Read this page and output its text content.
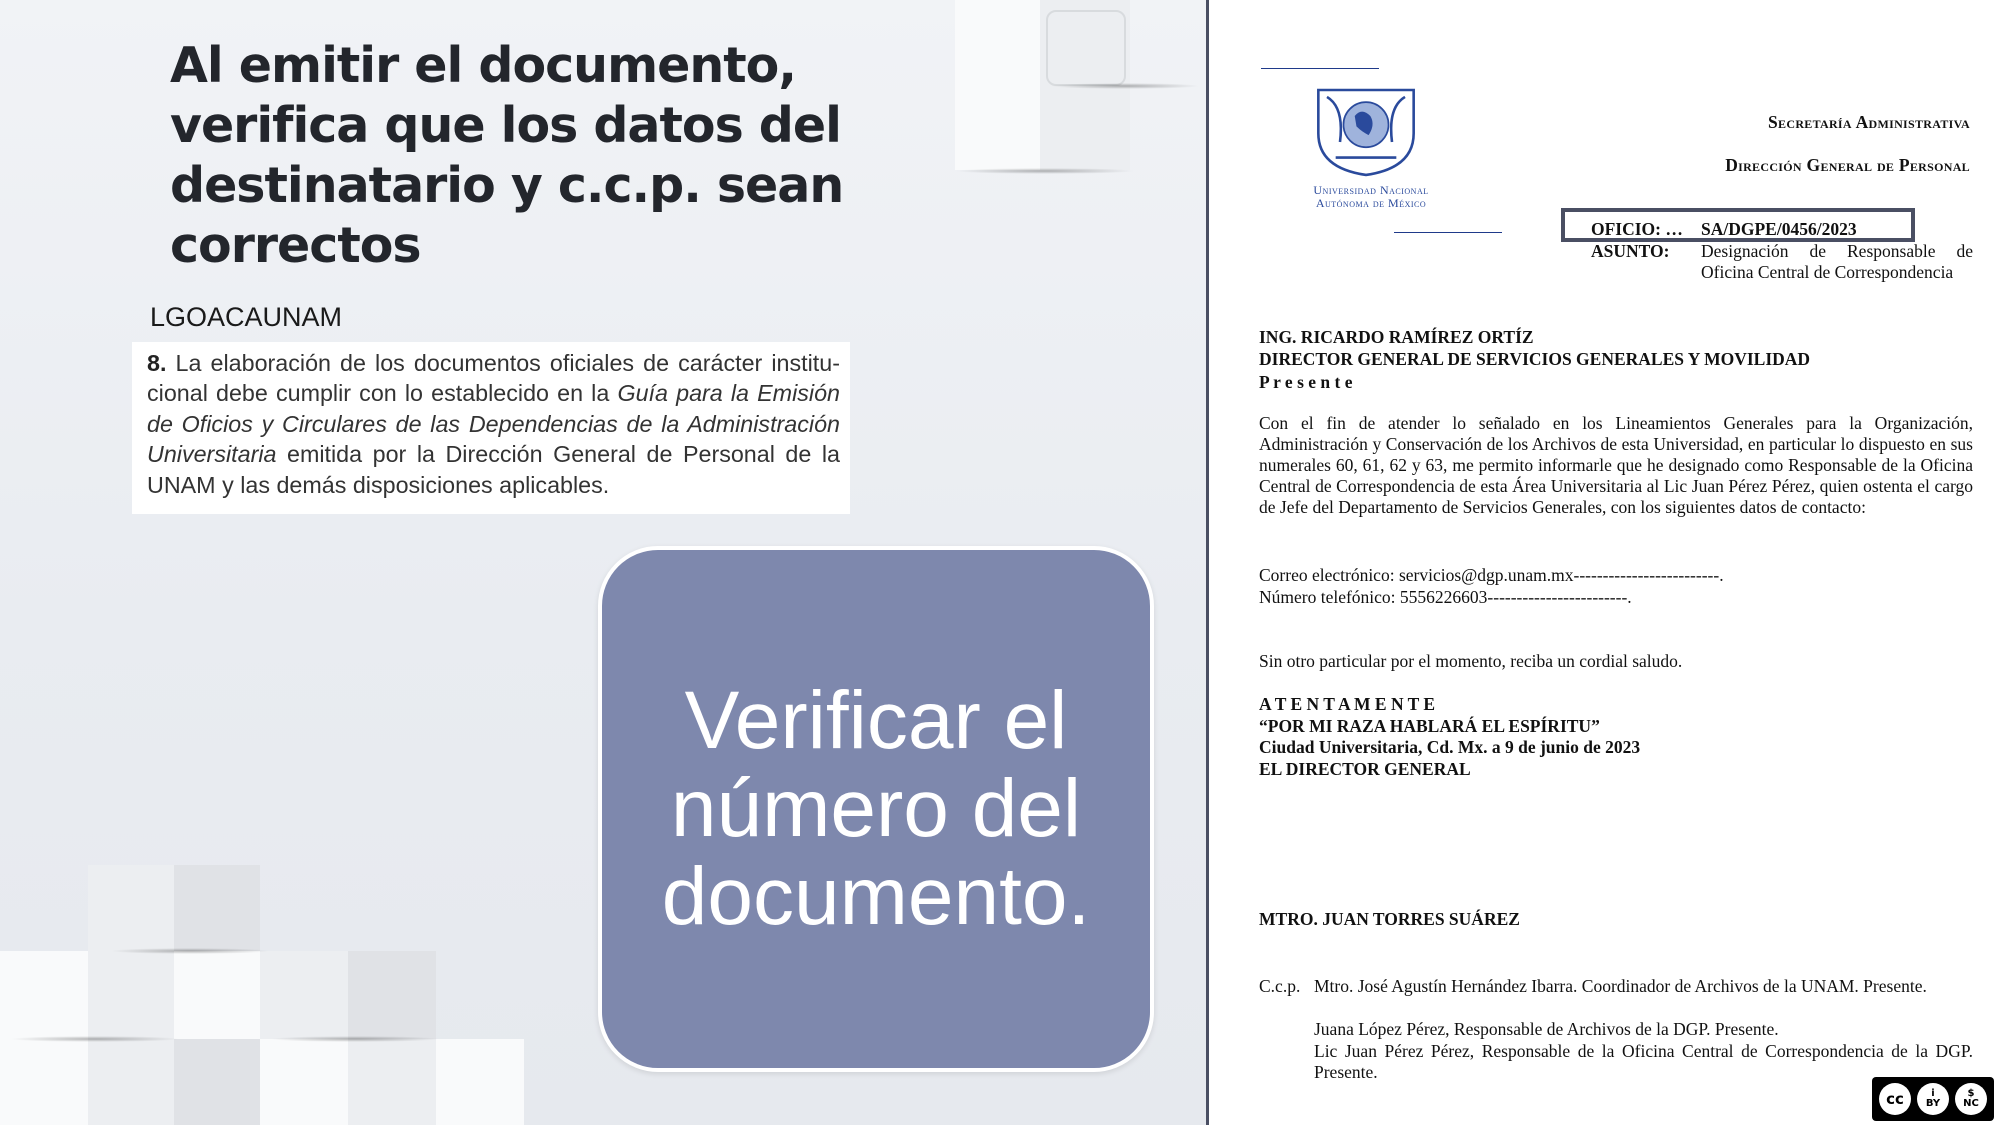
Al emitir el documento, verifica que los datos del destinatario y c.c.p. sean correctos
LGOACAUNAM
8. La elaboración de los documentos oficiales de carácter institu-cional debe cumplir con lo establecido en la Guía para la Emisión de Oficios y Circulares de las Dependencias de la Administración Universitaria emitida por la Dirección General de Personal de la UNAM y las demás disposiciones aplicables.
Verificar el número del documento.
Universidad Nacional Autónoma de México
Secretaría Administrativa
Dirección General de Personal
OFICIO: … SA/DGPE/0456/2023
ASUNTO: Designación de Responsable de Oficina Central de Correspondencia
ING. RICARDO RAMÍREZ ORTÍZ
DIRECTOR GENERAL DE SERVICIOS GENERALES Y MOVILIDAD
P r e s e n t e
Con el fin de atender lo señalado en los Lineamientos Generales para la Organización, Administración y Conservación de los Archivos de esta Universidad, en particular lo dispuesto en sus numerales 60, 61, 62 y 63, me permito informarle que he designado como Responsable de la Oficina Central de Correspondencia de esta Área Universitaria al Lic Juan Pérez Pérez, quien ostenta el cargo de Jefe del Departamento de Servicios Generales, con los siguientes datos de contacto:
Correo electrónico: servicios@dgp.unam.mx-------------------------.
Número telefónico: 5556226603------------------------.
Sin otro particular por el momento, reciba un cordial saludo.
A T E N T A M E N T E
“POR MI RAZA HABLARÁ EL ESPÍRITU”
Ciudad Universitaria, Cd. Mx. a 9 de junio de 2023
EL DIRECTOR GENERAL
MTRO. JUAN TORRES SUÁREZ
C.c.p. Mtro. José Agustín Hernández Ibarra. Coordinador de Archivos de la UNAM. Presente.
Juana López Pérez, Responsable de Archivos de la DGP. Presente.
Lic Juan Pérez Pérez, Responsable de la Oficina Central de Correspondencia de la DGP. Presente.
cc	i
BY
$
NC
